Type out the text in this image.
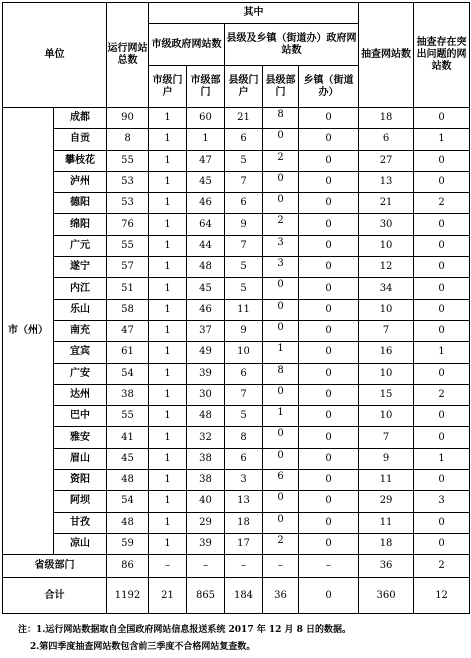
单位		运行网站总数	其中					抽查网站数	抽查存在突出问题的网站数
			市级政府网站数		县级及乡镇（街道办）政府网站数				
			市级门户	市级部门	县级门户	县级部门	乡镇（街道办）		
市（州）	成都	90	1	60	21	8	0	18	0
	自贡	8	1	1	6	0	0	6	1
	攀枝花	55	1	47	5	2	0	27	0
	泸州	53	1	45	7	0	0	13	0
	德阳	53	1	46	6	0	0	21	2
	绵阳	76	1	64	9	2	0	30	0
	广元	55	1	44	7	3	0	10	0
	遂宁	57	1	48	5	3	0	12	0
	内江	51	1	45	5	0	0	34	0
	乐山	58	1	46	11	0	0	10	0
	南充	47	1	37	9	0	0	7	0
	宜宾	61	1	49	10	1	0	16	1
	广安	54	1	39	6	8	0	10	0
	达州	38	1	30	7	0	0	15	2
	巴中	55	1	48	5	1	0	10	0
	雅安	41	1	32	8	0	0	7	0
	眉山	45	1	38	6	0	0	9	1
	资阳	48	1	38	3	6	0	11	0
	阿坝	54	1	40	13	0	0	29	3
	甘孜	48	1	29	18	0	0	11	0
	凉山	59	1	39	17	2	0	18	0
省级部门		86	–	–	–	–	–	36	2
合计		1192	21	865	184	36	0	360	12
注：1.运行网站数据取自全国政府网站信息报送系统 2017 年 12 月 8 日的数据。
2.第四季度抽查网站数包含前三季度不合格网站复查数。
